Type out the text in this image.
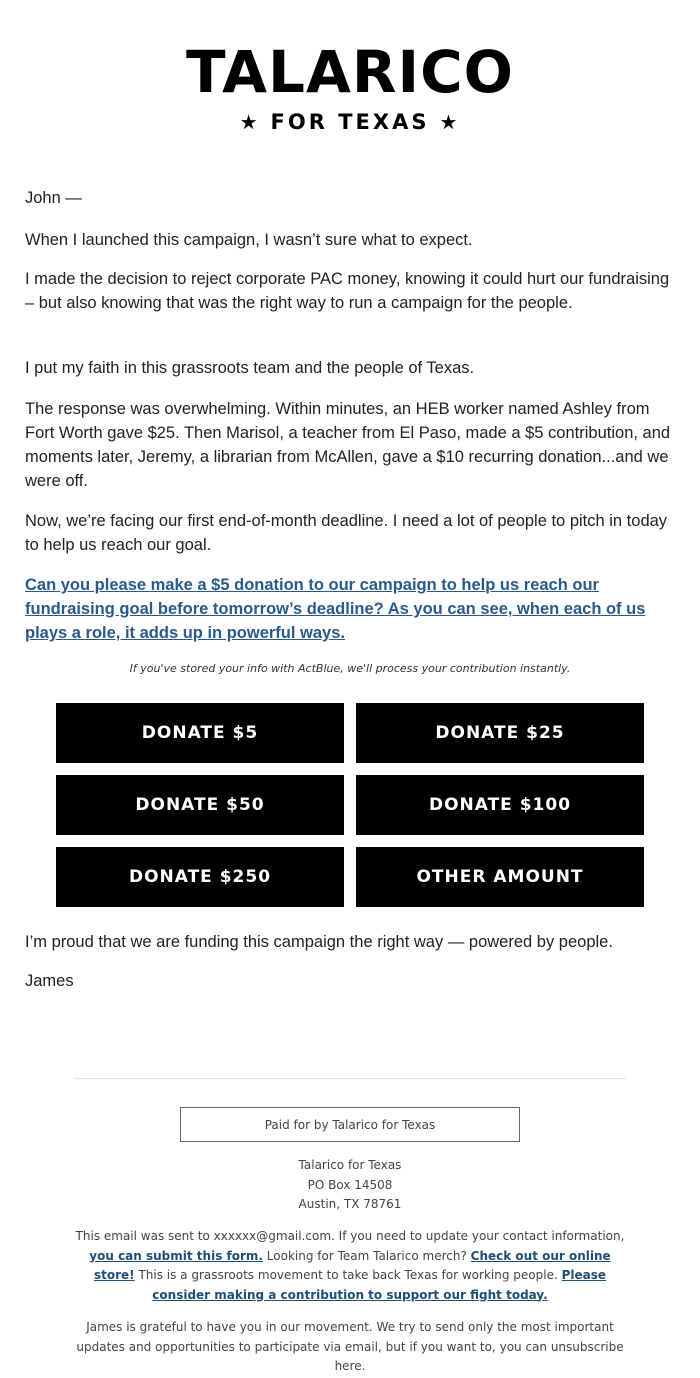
TALARICO
★ FOR TEXAS ★

John —

When I launched this campaign, I wasn’t sure what to expect.

I made the decision to reject corporate PAC money, knowing it could hurt our fundraising – but also knowing that was the right way to run a campaign for the people.

I put my faith in this grassroots team and the people of Texas.

The response was overwhelming. Within minutes, an HEB worker named Ashley from Fort Worth gave $25. Then Marisol, a teacher from El Paso, made a $5 contribution, and moments later, Jeremy, a librarian from McAllen, gave a $10 recurring donation...and we were off.

Now, we’re facing our first end-of-month deadline. I need a lot of people to pitch in today to help us reach our goal.

Can you please make a $5 donation to our campaign to help us reach our fundraising goal before tomorrow’s deadline? As you can see, when each of us plays a role, it adds up in powerful ways.

If you've stored your info with ActBlue, we'll process your contribution instantly.
DONATE $5	DONATE $25
DONATE $50	DONATE $100
DONATE $250	OTHER AMOUNT

I’m proud that we are funding this campaign the right way — powered by people.

James

Paid for by Talarico for Texas
Talarico for Texas
PO Box 14508
Austin, TX 78761

This email was sent to xxxxxx@gmail.com. If you need to update your contact information, you can submit this form. Looking for Team Talarico merch? Check out our online store! This is a grassroots movement to take back Texas for working people. Please consider making a contribution to support our fight today.

James is grateful to have you in our movement. We try to send only the most important updates and opportunities to participate via email, but if you want to, you can unsubscribe here.
